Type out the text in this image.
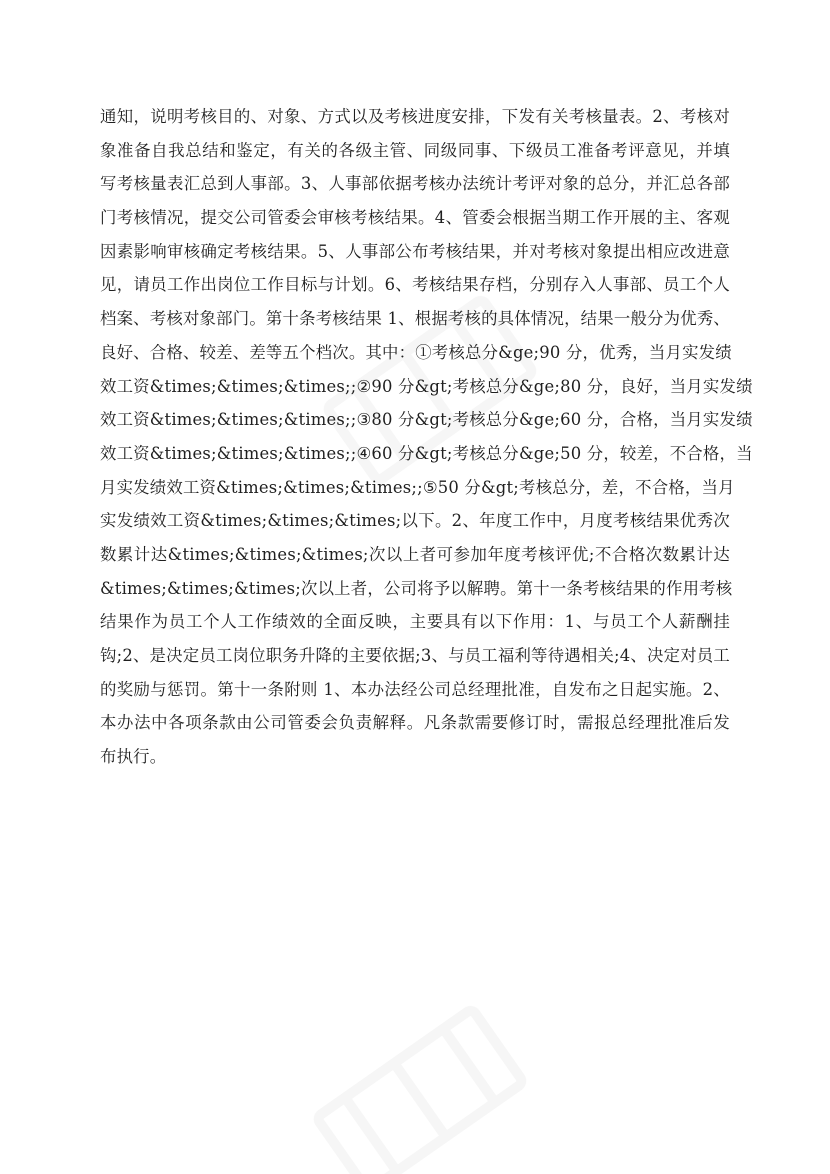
通知，说明考核目的、对象、方式以及考核进度安排，下发有关考核量表。2、考核对
象准备自我总结和鉴定，有关的各级主管、同级同事、下级员工准备考评意见，并填
写考核量表汇总到人事部。3、人事部依据考核办法统计考评对象的总分，并汇总各部
门考核情况，提交公司管委会审核考核结果。4、管委会根据当期工作开展的主、客观
因素影响审核确定考核结果。5、人事部公布考核结果，并对考核对象提出相应改进意
见，请员工作出岗位工作目标与计划。6、考核结果存档，分别存入人事部、员工个人
档案、考核对象部门。第十条考核结果 1、根据考核的具体情况，结果一般分为优秀、
良好、合格、较差、差等五个档次。其中：①考核总分&ge;90 分，优秀，当月实发绩
效工资&times;&times;&times;;②90 分&gt;考核总分&ge;80 分，良好，当月实发绩
效工资&times;&times;&times;;③80 分&gt;考核总分&ge;60 分，合格，当月实发绩
效工资&times;&times;&times;;④60 分&gt;考核总分&ge;50 分，较差，不合格，当
月实发绩效工资&times;&times;&times;;⑤50 分&gt;考核总分，差，不合格，当月
实发绩效工资&times;&times;&times;以下。2、年度工作中，月度考核结果优秀次
数累计达&times;&times;&times;次以上者可参加年度考核评优;不合格次数累计达
&times;&times;&times;次以上者，公司将予以解聘。第十一条考核结果的作用考核
结果作为员工个人工作绩效的全面反映，主要具有以下作用：1、与员工个人薪酬挂
钩;2、是决定员工岗位职务升降的主要依据;3、与员工福利等待遇相关;4、决定对员工
的奖励与惩罚。第十一条附则 1、本办法经公司总经理批准，自发布之日起实施。2、
本办法中各项条款由公司管委会负责解释。凡条款需要修订时，需报总经理批准后发
布执行。
